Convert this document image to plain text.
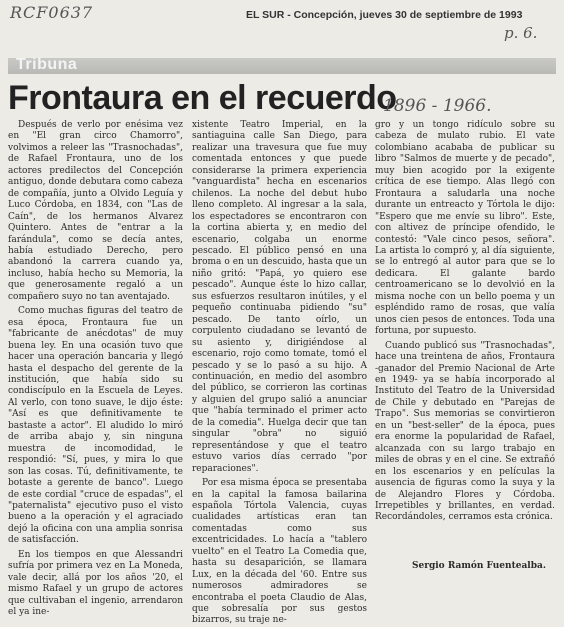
RCF0637	EL SUR - Concepción, jueves 30 de septiembre de 1993
p. 6.
Tribuna
Frontaura en el recuerdo
1896 - 1966.

Después de verlo por enésima vez en "El gran circo Chamorro", volvimos a releer las "Trasnochadas", de Rafael Frontaura, uno de los actores predilectos del Concepción antiguo, donde debutara como cabeza de compañía, junto a Olvido Leguía y Luco Córdoba, en 1834, con "Las de Caín", de los hermanos Alvarez Quintero. Antes de "entrar a la farándula", como se decía antes, había estudiado Derecho, pero abandonó la carrera cuando ya, incluso, había hecho su Memoria, la que generosamente regaló a un compañero suyo no tan aventajado.

Como muchas figuras del teatro de esa época, Frontaura fue un "fabricante de anécdotas" de muy buena ley. En una ocasión tuvo que hacer una operación bancaria y llegó hasta el despacho del gerente de la institución, que había sido su condiscípulo en la Escuela de Leyes. Al verlo, con tono suave, le dijo éste: "Así es que definitivamente te bastaste a actor". El aludido lo miró de arriba abajo y, sin ninguna muestra de incomodidad, le respondió: "Sí, pues, y mira lo que son las cosas. Tú, definitivamente, te botaste a gerente de banco". Luego de este cordial "cruce de espadas", el "paternalista" ejecutivo puso el visto bueno a la operación y el agraciado dejó la oficina con una amplia sonrisa de satisfacción.

En los tiempos en que Alessandri sufría por primera vez en La Moneda, vale decir, allá por los años '20, el mismo Rafael y un grupo de actores que cultivaban el ingenio, arrendaron el ya ine-

xistente Teatro Imperial, en la santiaguina calle San Diego, para realizar una travesura que fue muy comentada entonces y que puede considerarse la primera experiencia "vanguardista" hecha en escenarios chilenos. La noche del debut hubo lleno completo. Al ingresar a la sala, los espectadores se encontraron con la cortina abierta y, en medio del escenario, colgaba un enorme pescado. El público pensó en una broma o en un descuido, hasta que un niño gritó: "Papá, yo quiero ese pescado". Aunque éste lo hizo callar, sus esfuerzos resultaron inútiles, y el pequeño continuaba pidiendo "su" pescado. De tanto oírlo, un corpulento ciudadano se levantó de su asiento y, dirigiéndose al escenario, rojo como tomate, tomó el pescado y se lo pasó a su hijo. A continuación, en medio del asombro del público, se corrieron las cortinas y alguien del grupo salió a anunciar que "había terminado el primer acto de la comedia". Huelga decir que tan singular "obra" no siguió representándose y que el teatro estuvo varios días cerrado "por reparaciones".

Por esa misma época se presentaba en la capital la famosa bailarina española Tórtola Valencia, cuyas cualidades artísticas eran tan comentadas como sus excentricidades. Lo hacía a "tablero vuelto" en el Teatro La Comedia que, hasta su desaparición, se llamara Lux, en la década del '60. Entre sus numerosos admiradores se encontraba el poeta Claudio de Alas, que sobresalía por sus gestos bizarros, su traje ne-

gro y un tongo ridículo sobre su cabeza de mulato rubio. El vate colombiano acababa de publicar su libro "Salmos de muerte y de pecado", muy bien acogido por la exigente crítica de ese tiempo. Alas llegó con Frontaura a saludarla una noche durante un entreacto y Tórtola le dijo: "Espero que me envíe su libro". Este, con altivez de príncipe ofendido, le contestó: "Vale cinco pesos, señora". La artista lo compró y, al día siguiente, se lo entregó al autor para que se lo dedicara. El galante bardo centroamericano se lo devolvió en la misma noche con un bello poema y un espléndido ramo de rosas, que valía unos cien pesos de entonces. Toda una fortuna, por supuesto.

Cuando publicó sus "Trasnochadas", hace una treintena de años, Frontaura -ganador del Premio Nacional de Arte en 1949- ya se había incorporado al Instituto del Teatro de la Universidad de Chile y debutado en "Parejas de Trapo". Sus memorias se convirtieron en un "best-seller" de la época, pues era enorme la popularidad de Rafael, alcanzada con su largo trabajo en miles de obras y en el cine. Se extrañó en los escenarios y en películas la ausencia de figuras como la suya y la de Alejandro Flores y Córdoba. Irrepetibles y brillantes, en verdad. Recordándoles, cerramos esta crónica.

Sergio Ramón Fuentealba.
